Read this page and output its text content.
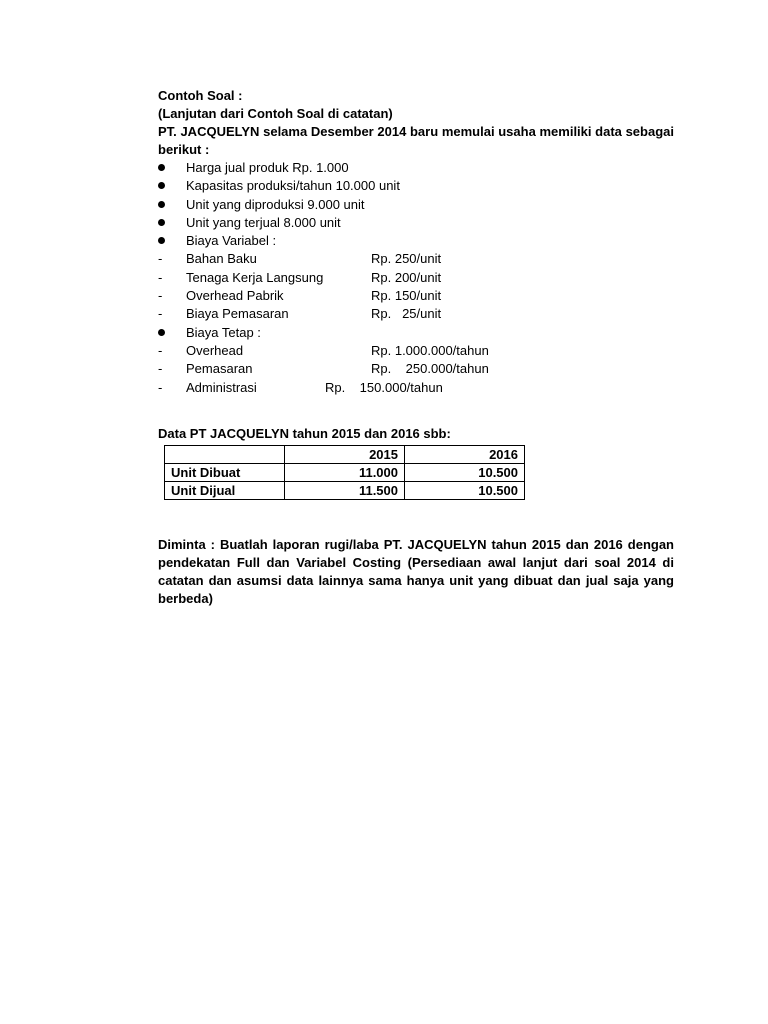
Contoh Soal :
(Lanjutan dari Contoh Soal di catatan)
PT. JACQUELYN selama Desember 2014 baru memulai usaha memiliki data sebagai berikut :
Harga jual produk Rp. 1.000
Kapasitas produksi/tahun 10.000 unit
Unit yang diproduksi 9.000 unit
Unit yang terjual 8.000 unit
Biaya Variabel :
-	Bahan Baku	Rp. 250/unit
-	Tenaga Kerja Langsung	Rp. 200/unit
-	Overhead Pabrik	Rp. 150/unit
-	Biaya Pemasaran	Rp.   25/unit
Biaya Tetap :
-	Overhead	Rp. 1.000.000/tahun
-	Pemasaran	Rp.    250.000/tahun
-	Administrasi	Rp.    150.000/tahun
Data PT JACQUELYN tahun 2015 dan 2016 sbb:
	2015	2016
Unit Dibuat	11.000	10.500
Unit Dijual	11.500	10.500
Diminta : Buatlah laporan rugi/laba PT. JACQUELYN tahun 2015 dan 2016 dengan pendekatan Full dan Variabel Costing (Persediaan awal lanjut dari soal 2014 di catatan dan asumsi data lainnya sama hanya unit yang dibuat dan jual saja yang berbeda)
